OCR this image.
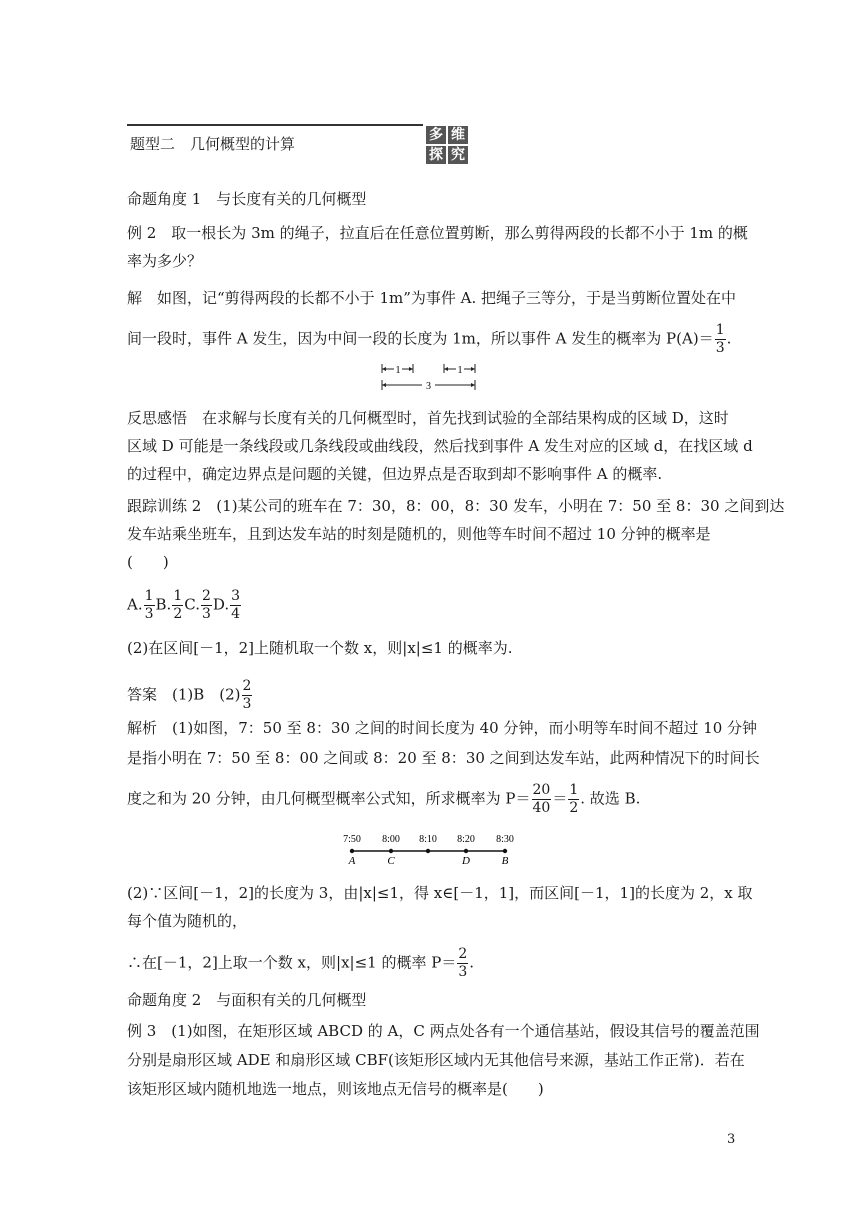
题型二　几何概型的计算	多 维
探 究
命题角度 1　与长度有关的几何概型
例 2　取一根长为 3m 的绳子，拉直后在任意位置剪断，那么剪得两段的长都不小于 1m 的概
率为多少？
解　如图，记“剪得两段的长都不小于 1m”为事件 A. 把绳子三等分，于是当剪断位置处在中
间一段时，事件 A 发生，因为中间一段的长度为 1m，所以事件 A 发生的概率为 $P(A)= \frac{1}{3}$ .
1	1
3
反思感悟　在求解与长度有关的几何概型时，首先找到试验的全部结果构成的区域 D，这时
区域 D 可能是一条线段或几条线段或曲线段，然后找到事件 A 发生对应的区域 d，在找区域 d
的过程中，确定边界点是问题的关键，但边界点是否取到却不影响事件 A 的概率.
跟踪训练 2　(1)某公司的班车在 7：30，8：00，8：30 发车，小明在 7：50 至 8：30 之间到达
发车站乘坐班车，且到达发车站的时刻是随机的，则他等车时间不超过 10 分钟的概率是
(　　)
A. $\frac{1}{3} B$. $\frac{1}{2} C$. $\frac{2}{3} D$. $\frac{3}{4}$
(2)在区间[－1，2]上随机取一个数 x，则|x|≤1 的概率为.
答案　(1)B　$(2) \frac{2}{3}$
解析　(1)如图，7：50 至 8：30 之间的时间长度为 40 分钟，而小明等车时间不超过 10 分钟
是指小明在 7：50 至 8：00 之间或 8：20 至 8：30 之间到达发车站，此两种情况下的时间长
度之和为 20 分钟，由几何概型概率公式知，所求概率为 $P= \frac{20}{40} = \frac{1}{2}$ . 故选 B.
7:50 8:00 8:10 8:20 8:30
A	C	D	B
(2)∵区间[－1，2]的长度为 3，由|x|≤1，得 x∈[－1，1]，而区间[－1，1]的长度为 2，x 取
每个值为随机的，
∴在[－1，2]上取一个数 x，则|x|≤1 的概率 $P= \frac{2}{3}$ .
命题角度 2　与面积有关的几何概型
例 3　(1)如图，在矩形区域 ABCD 的 A，C 两点处各有一个通信基站，假设其信号的覆盖范围
分别是扇形区域 ADE 和扇形区域 CBF(该矩形区域内无其他信号来源，基站工作正常)．若在
该矩形区域内随机地选一地点，则该地点无信号的概率是(　　)
3
